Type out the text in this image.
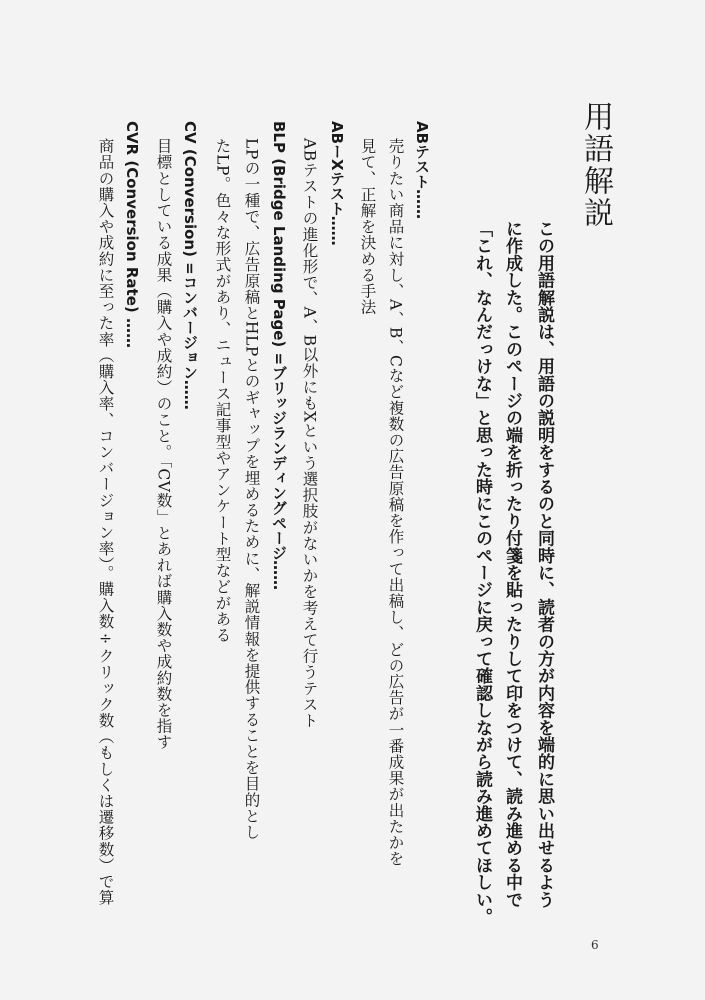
用語解説
この用語解説は、用語の説明をするのと同時に、読者の方が内容を端的に思い出せるよう
に作成した。このページの端を折ったり付箋を貼ったりして印をつけて、読み進める中で
「これ、なんだっけな」と思った時にこのページに戻って確認しながら読み進めてほしい。
ABテスト……
売りたい商品に対し、A、B、Cなど複数の広告原稿を作って出稿し、どの広告が一番成果が出たかを
見て、正解を決める手法
ABーXテスト……
ABテストの進化形で、A、B以外にもXという選択肢がないかを考えて行うテスト
BLP (Bridge Landing Page) =ブリッジランディングページ……
LPの一種で、広告原稿とHLPとのギャップを埋めるために、解説情報を提供することを目的とし
たLP。色々な形式があり、ニュース記事型やアンケート型などがある
CV (Conversion) =コンバージョン……
目標としている成果（購入や成約）のこと。「CV数」とあれば購入数や成約数を指す
CVR (Conversion Rate) ……
商品の購入や成約に至った率（購入率、コンバージョン率）。購入数÷クリック数（もしくは遷移数）で算
6
